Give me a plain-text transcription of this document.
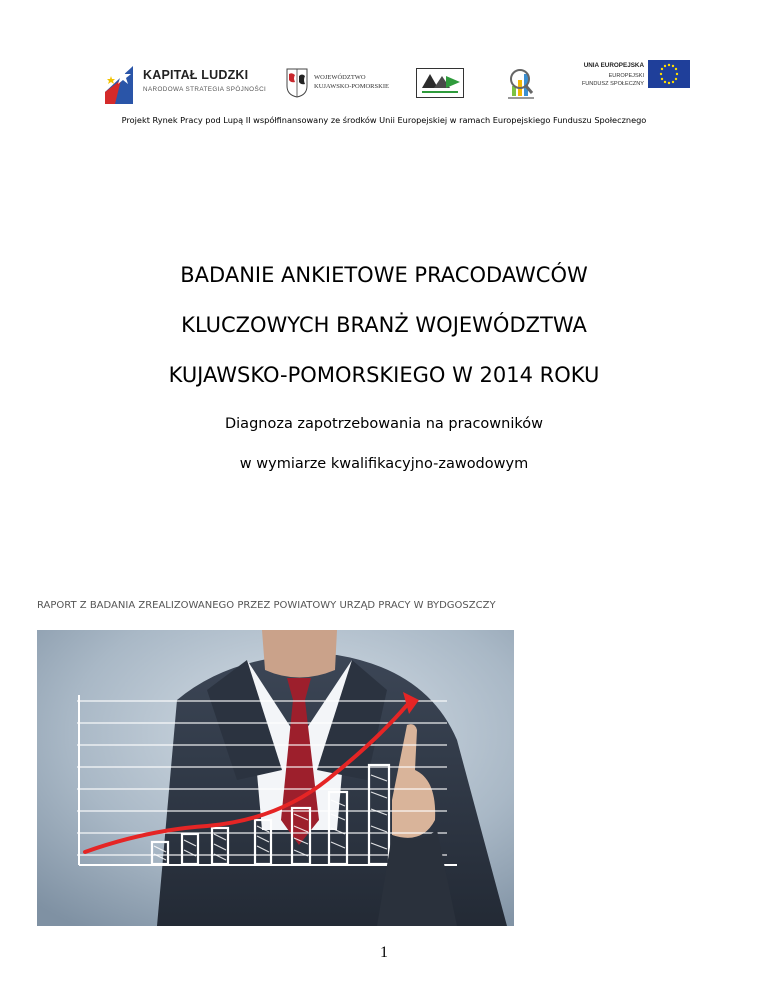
KAPITAŁ LUDZKI
NARODOWA STRATEGIA SPÓJNOŚCI
WOJEWÓDZTWO
KUJAWSKO-POMORSKIE
UNIA EUROPEJSKA
EUROPEJSKI
FUNDUSZ SPOŁECZNY
Projekt Rynek Pracy pod Lupą II współfinansowany ze środków Unii Europejskiej w ramach Europejskiego Funduszu Społecznego
BADANIE ANKIETOWE PRACODAWCÓW
KLUCZOWYCH BRANŻ WOJEWÓDZTWA
KUJAWSKO-POMORSKIEGO W 2014 ROKU
Diagnoza zapotrzebowania na pracowników
w wymiarze kwalifikacyjno-zawodowym
RAPORT Z BADANIA ZREALIZOWANEGO PRZEZ POWIATOWY URZĄD PRACY W BYDGOSZCZY
1
